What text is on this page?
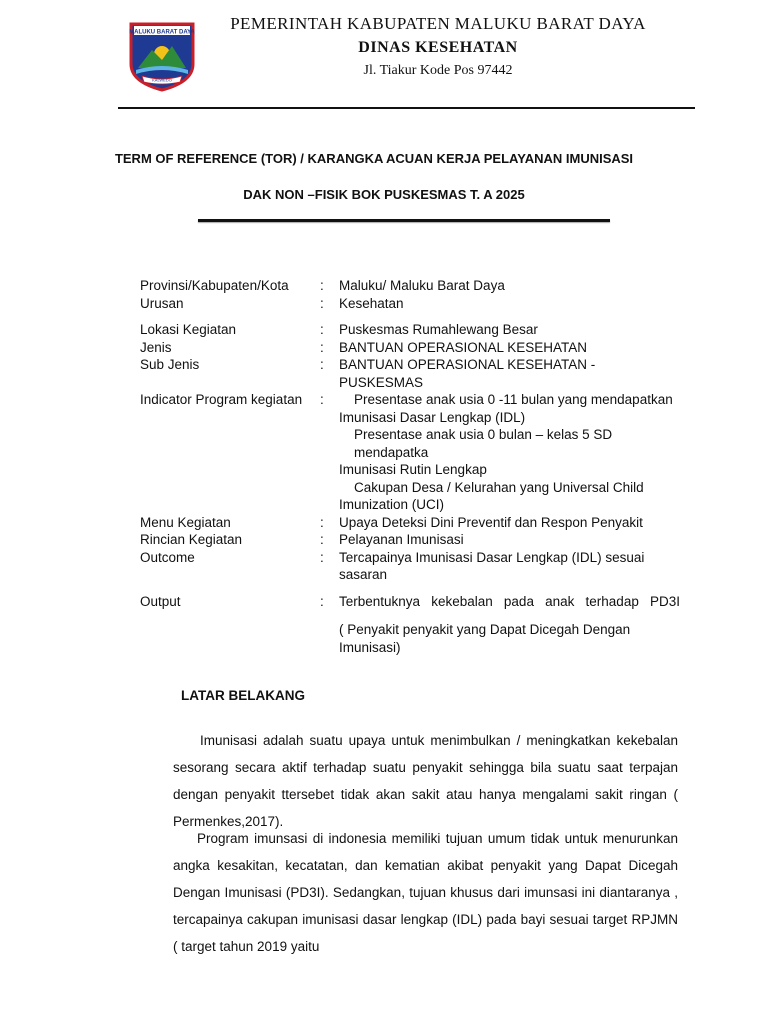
MALUKU BARAT DAYA
KALWEDO
PEMERINTAH KABUPATEN MALUKU BARAT DAYA
DINAS KESEHATAN
Jl. Tiakur Kode Pos 97442
TERM OF REFERENCE (TOR) / KARANGKA ACUAN KERJA PELAYANAN IMUNISASI
DAK NON –FISIK BOK PUSKESMAS T. A 2025
Provinsi/Kabupaten/Kota	:	Maluku/ Maluku Barat Daya
Urusan	:	Kesehatan
Lokasi Kegiatan	:	Puskesmas Rumahlewang Besar
Jenis	:	BANTUAN OPERASIONAL KESEHATAN
Sub Jenis	:	BANTUAN OPERASIONAL KESEHATAN - PUSKESMAS
Indicator Program kegiatan	:	Presentase anak usia 0 -11 bulan yang mendapatkan
Imunisasi Dasar Lengkap (IDL)
Presentase anak usia 0 bulan – kelas 5 SD mendapatka
Imunisasi Rutin Lengkap
Cakupan Desa / Kelurahan yang Universal Child
Imunization (UCI)
Menu Kegiatan	:	Upaya Deteksi Dini Preventif dan Respon Penyakit
Rincian Kegiatan	:	Pelayanan Imunisasi
Outcome	:	Tercapainya Imunisasi Dasar Lengkap (IDL) sesuai sasaran
Output	:	Terbentuknya kekebalan pada anak terhadap PD3I
( Penyakit penyakit yang Dapat Dicegah Dengan Imunisasi)
LATAR BELAKANG
Imunisasi adalah suatu upaya untuk menimbulkan / meningkatkan kekebalan sesorang secara aktif terhadap suatu penyakit sehingga bila suatu saat terpajan dengan penyakit ttersebet tidak akan sakit atau hanya mengalami sakit ringan ( Permenkes,2017).
Program imunsasi di indonesia memiliki tujuan umum tidak untuk menurunkan angka kesakitan, kecatatan, dan kematian akibat penyakit yang Dapat Dicegah Dengan Imunisasi (PD3I). Sedangkan, tujuan khusus dari imunsasi ini diantaranya , tercapainya cakupan imunisasi dasar lengkap (IDL) pada bayi sesuai target RPJMN ( target tahun 2019 yaitu
